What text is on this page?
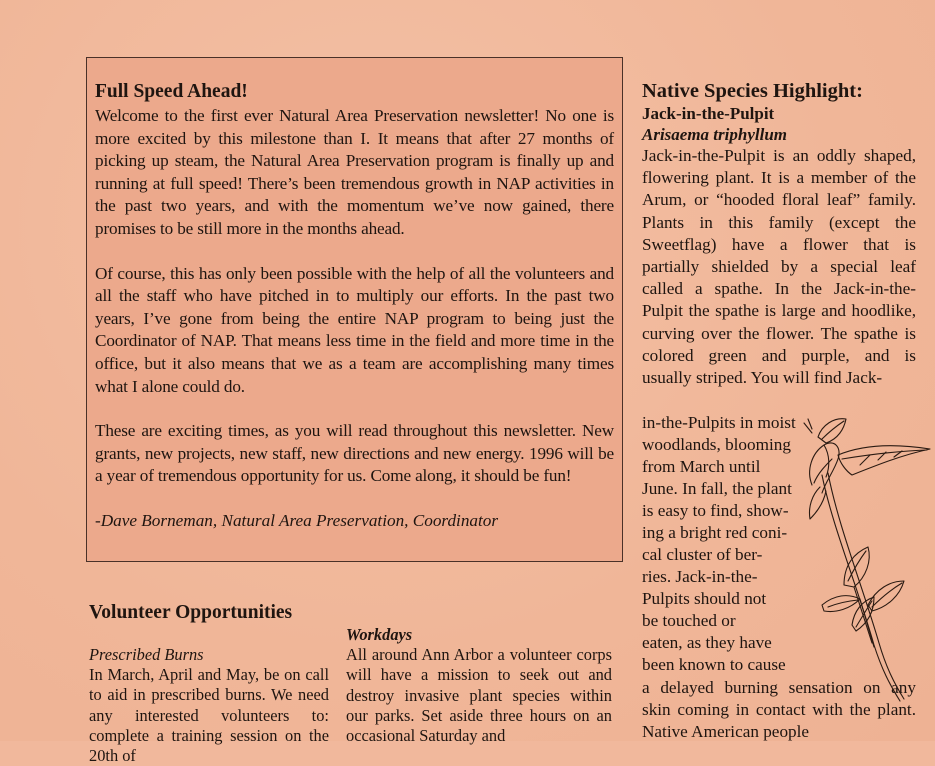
Full Speed Ahead!

Welcome to the first ever Natural Area Preservation newsletter! No one is more excited by this milestone than I. It means that after 27 months of picking up steam, the Natural Area Preservation program is finally up and running at full speed! There’s been tremendous growth in NAP activities in the past two years, and with the momentum we’ve now gained, there promises to be still more in the months ahead.

Of course, this has only been possible with the help of all the volunteers and all the staff who have pitched in to multiply our efforts. In the past two years, I’ve gone from being the entire NAP program to being just the Coordinator of NAP. That means less time in the field and more time in the office, but it also means that we as a team are accomplishing many times what I alone could do.

These are exciting times, as you will read throughout this newsletter. New grants, new projects, new staff, new directions and new energy. 1996 will be a year of tremendous opportunity for us. Come along, it should be fun!

-Dave Borneman, Natural Area Preservation, Coordinator

Volunteer Opportunities
Prescribed Burns

In March, April and May, be on call to aid in prescribed burns. We need any interested volunteers to: complete a training session on the 20th of

Workdays

All around Ann Arbor a volunteer corps will have a mission to seek out and destroy invasive plant species within our parks. Set aside three hours on an occasional Saturday and

Native Species Highlight:
Jack-in-the-Pulpit
Arisaema triphyllum
Jack-in-the-Pulpit is an oddly shaped, flowering plant. It is a member of the Arum, or “hooded floral leaf” family. Plants in this family (except the Sweetflag) have a flower that is partially shielded by a special leaf called a spathe. In the Jack-in-the-Pulpit the spathe is large and hoodlike, curving over the flower. The spathe is colored green and purple, and is usually striped. You will find Jack-
in-the-Pulpits in moist
woodlands, blooming
from March until
June. In fall, the plant
is easy to find, show-
ing a bright red coni-
cal cluster of ber-
ries. Jack-in-the-
Pulpits should not
be touched or
eaten, as they have
been known to cause
a delayed burning sensation on any skin coming in contact with the plant. Native American people
